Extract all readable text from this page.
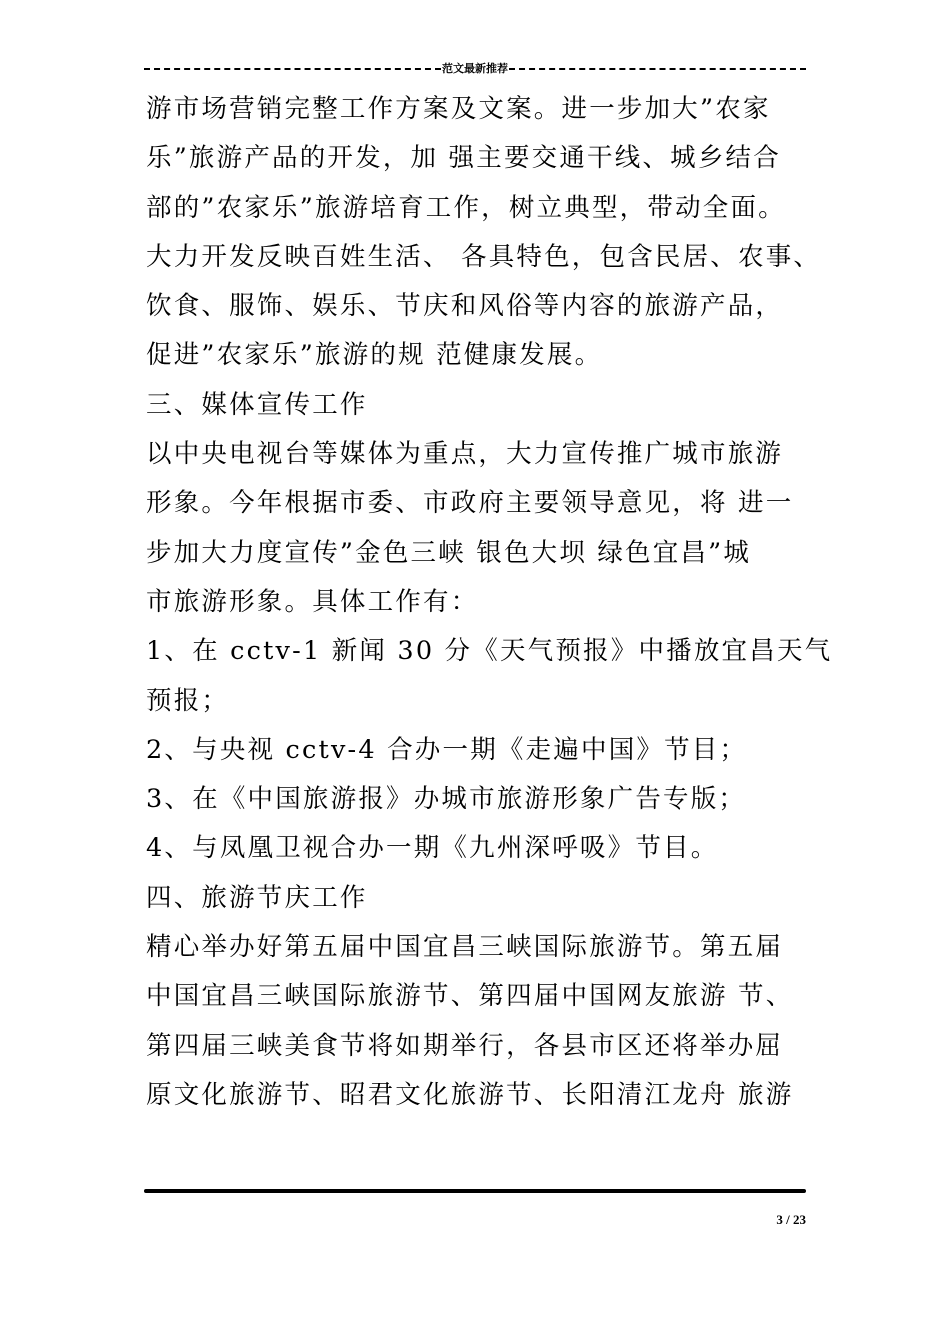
范文最新推荐
游市场营销完整工作方案及文案。进一步加大”农家
乐”旅游产品的开发，加 强主要交通干线、城乡结合
部的”农家乐”旅游培育工作，树立典型，带动全面。
大力开发反映百姓生活、 各具特色，包含民居、农事、
饮食、服饰、娱乐、节庆和风俗等内容的旅游产品，
促进”农家乐”旅游的规 范健康发展。
三、媒体宣传工作
以中央电视台等媒体为重点，大力宣传推广城市旅游
形象。今年根据市委、市政府主要领导意见，将 进一
步加大力度宣传”金色三峡 银色大坝 绿色宜昌”城
市旅游形象。具体工作有：
1、在 cctv-1 新闻 30 分《天气预报》中播放宜昌天气
预报；
2、与央视 cctv-4 合办一期《走遍中国》节目；
3、在《中国旅游报》办城市旅游形象广告专版；
4、与凤凰卫视合办一期《九州深呼吸》节目。
四、旅游节庆工作
精心举办好第五届中国宜昌三峡国际旅游节。第五届
中国宜昌三峡国际旅游节、第四届中国网友旅游 节、
第四届三峡美食节将如期举行，各县市区还将举办屈
原文化旅游节、昭君文化旅游节、长阳清江龙舟 旅游
3 / 23
